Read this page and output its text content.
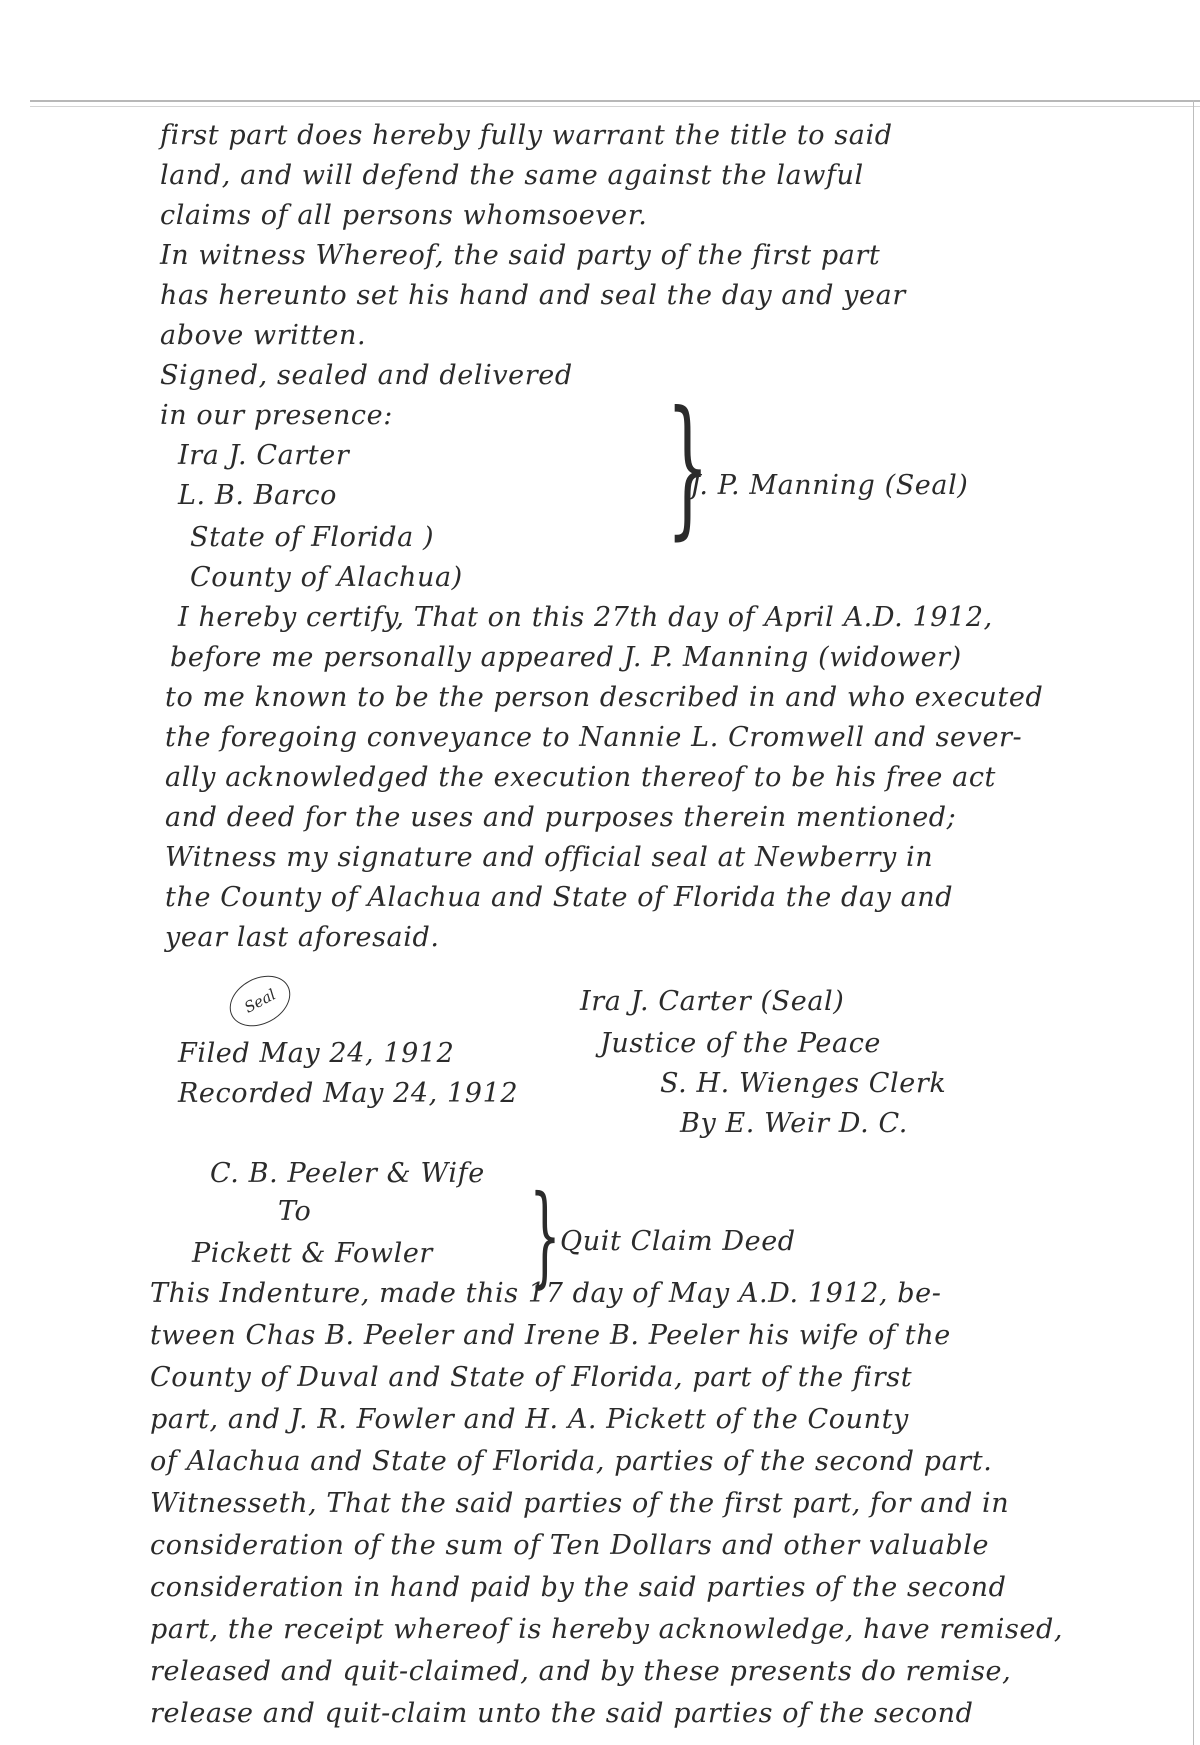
first part does hereby fully warrant the title to said
land, and will defend the same against the lawful
claims of all persons whomsoever.
In witness Whereof, the said party of the first part
has hereunto set his hand and seal the day and year
above written.
Signed, sealed and delivered
in our presence:
Ira J. Carter
L. B. Barco
State of Florida )
County of Alachua)
I hereby certify, That on this 27th day of April A.D. 1912,
before me personally appeared J. P. Manning (widower)
to me known to be the person described in and who executed
the foregoing conveyance to Nannie L. Cromwell and sever-
ally acknowledged the execution thereof to be his free act
and deed for the uses and purposes therein mentioned;
Witness my signature and official seal at Newberry in
the County of Alachua and State of Florida the day and
year last aforesaid.
Filed May 24, 1912
Recorded May 24, 1912
C. B. Peeler & Wife
To
Pickett & Fowler
This Indenture, made this 17 day of May A.D. 1912, be-
tween Chas B. Peeler and Irene B. Peeler his wife of the
County of Duval and State of Florida, part of the first
part, and J. R. Fowler and H. A. Pickett of the County
of Alachua and State of Florida, parties of the second part.
Witnesseth, That the said parties of the first part, for and in
consideration of the sum of Ten Dollars and other valuable
consideration in hand paid by the said parties of the second
part, the receipt whereof is hereby acknowledge, have remised,
released and quit-claimed, and by these presents do remise,
release and quit-claim unto the said parties of the second
}
J. P. Manning (Seal)
Seal	Ira J. Carter (Seal)
Justice of the Peace
S. H. Wienges Clerk
By E. Weir D. C.
} Quit Claim Deed
